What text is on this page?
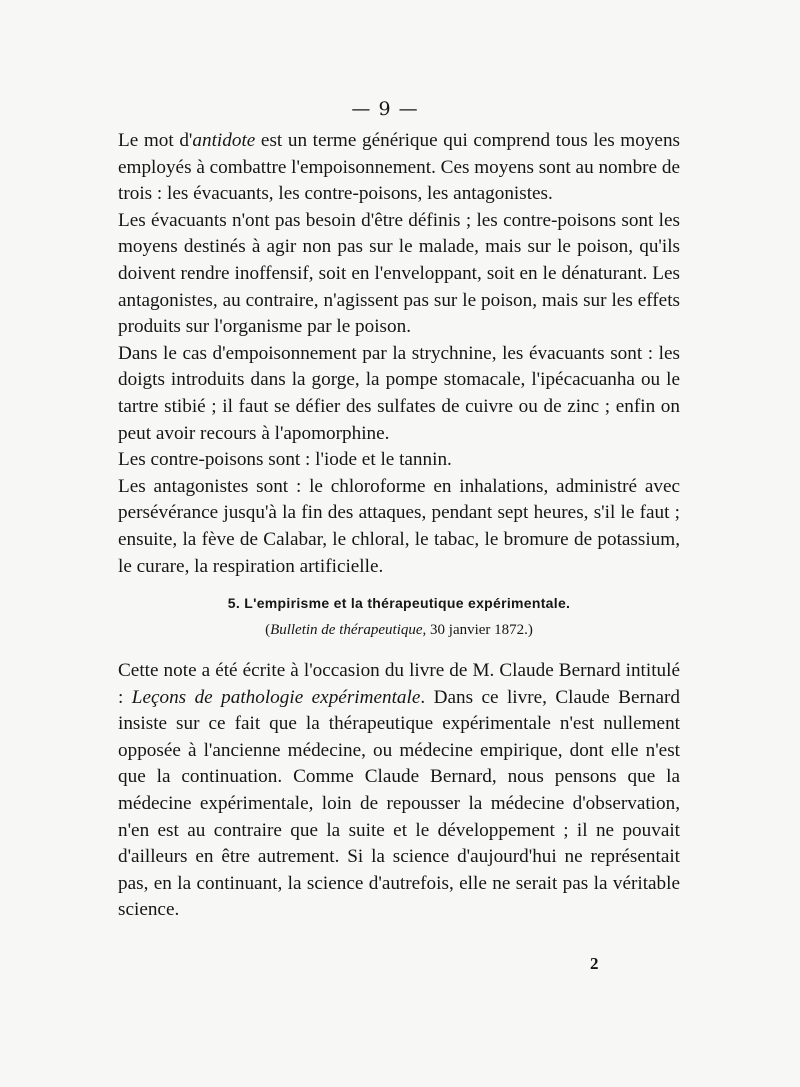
— 9 —

Le mot d'antidote est un terme générique qui comprend tous les moyens employés à combattre l'empoisonnement. Ces moyens sont au nombre de trois : les évacuants, les contre-poisons, les antagonistes.

Les évacuants n'ont pas besoin d'être définis ; les contre-poisons sont les moyens destinés à agir non pas sur le malade, mais sur le poison, qu'ils doivent rendre inoffensif, soit en l'enveloppant, soit en le dénaturant. Les antagonistes, au contraire, n'agissent pas sur le poison, mais sur les effets produits sur l'organisme par le poison.

Dans le cas d'empoisonnement par la strychnine, les évacuants sont : les doigts introduits dans la gorge, la pompe stomacale, l'ipécacuanha ou le tartre stibié ; il faut se défier des sulfates de cuivre ou de zinc ; enfin on peut avoir recours à l'apomorphine.

Les contre-poisons sont : l'iode et le tannin.

Les antagonistes sont : le chloroforme en inhalations, administré avec persévérance jusqu'à la fin des attaques, pendant sept heures, s'il le faut ; ensuite, la fève de Calabar, le chloral, le tabac, le bromure de potassium, le curare, la respiration artificielle.

5. L'empirisme et la thérapeutique expérimentale.
(Bulletin de thérapeutique, 30 janvier 1872.)

Cette note a été écrite à l'occasion du livre de M. Claude Bernard intitulé : Leçons de pathologie expérimentale. Dans ce livre, Claude Bernard insiste sur ce fait que la thérapeutique expérimentale n'est nullement opposée à l'ancienne médecine, ou médecine empirique, dont elle n'est que la continuation. Comme Claude Bernard, nous pensons que la médecine expérimentale, loin de repousser la médecine d'observation, n'en est au contraire que la suite et le développement ; il ne pouvait d'ailleurs en être autrement. Si la science d'aujourd'hui ne représentait pas, en la continuant, la science d'autrefois, elle ne serait pas la véritable science.

2
